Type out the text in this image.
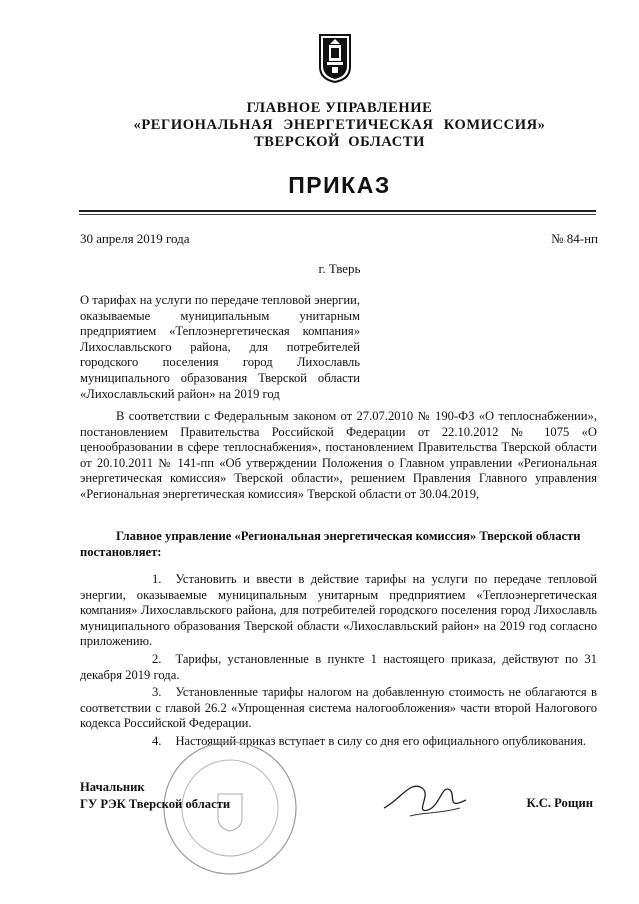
ГЛАВНОЕ УПРАВЛЕНИЕ
«РЕГИОНАЛЬНАЯ ЭНЕРГЕТИЧЕСКАЯ КОМИССИЯ»
ТВЕРСКОЙ ОБЛАСТИ
ПРИКАЗ
30 апреля 2019 года	№ 84-нп
г. Тверь
О тарифах на услуги по передаче тепловой энергии, оказываемые муниципальным унитарным предприятием «Теплоэнергетическая компания» Лихославльского района, для потребителей городского поселения город Лихославль муниципального образования Тверской области «Лихославльский район» на 2019 год
В соответствии с Федеральным законом от 27.07.2010 № 190-ФЗ «О теплоснабжении», постановлением Правительства Российской Федерации от 22.10.2012 № 1075 «О ценообразовании в сфере теплоснабжения», постановлением Правительства Тверской области от 20.10.2011 № 141-пп «Об утверждении Положения о Главном управлении «Региональная энергетическая комиссия» Тверской области», решением Правления Главного управления «Региональная энергетическая комиссия» Тверской области от 30.04.2019,
Главное управление «Региональная энергетическая комиссия» Тверской области постановляет:

1. Установить и ввести в действие тарифы на услуги по передаче тепловой энергии, оказываемые муниципальным унитарным предприятием «Теплоэнергетическая компания» Лихославльского района, для потребителей городского поселения город Лихославль муниципального образования Тверской области «Лихославльский район» на 2019 год согласно приложению.

2. Тарифы, установленные в пункте 1 настоящего приказа, действуют по 31 декабря 2019 года.

3. Установленные тарифы налогом на добавленную стоимость не облагаются в соответствии с главой 26.2 «Упрощенная система налогообложения» части второй Налогового кодекса Российской Федерации.

4. Настоящий приказ вступает в силу со дня его официального опубликования.

Начальник
ГУ РЭК Тверской области	К.С. Рощин
